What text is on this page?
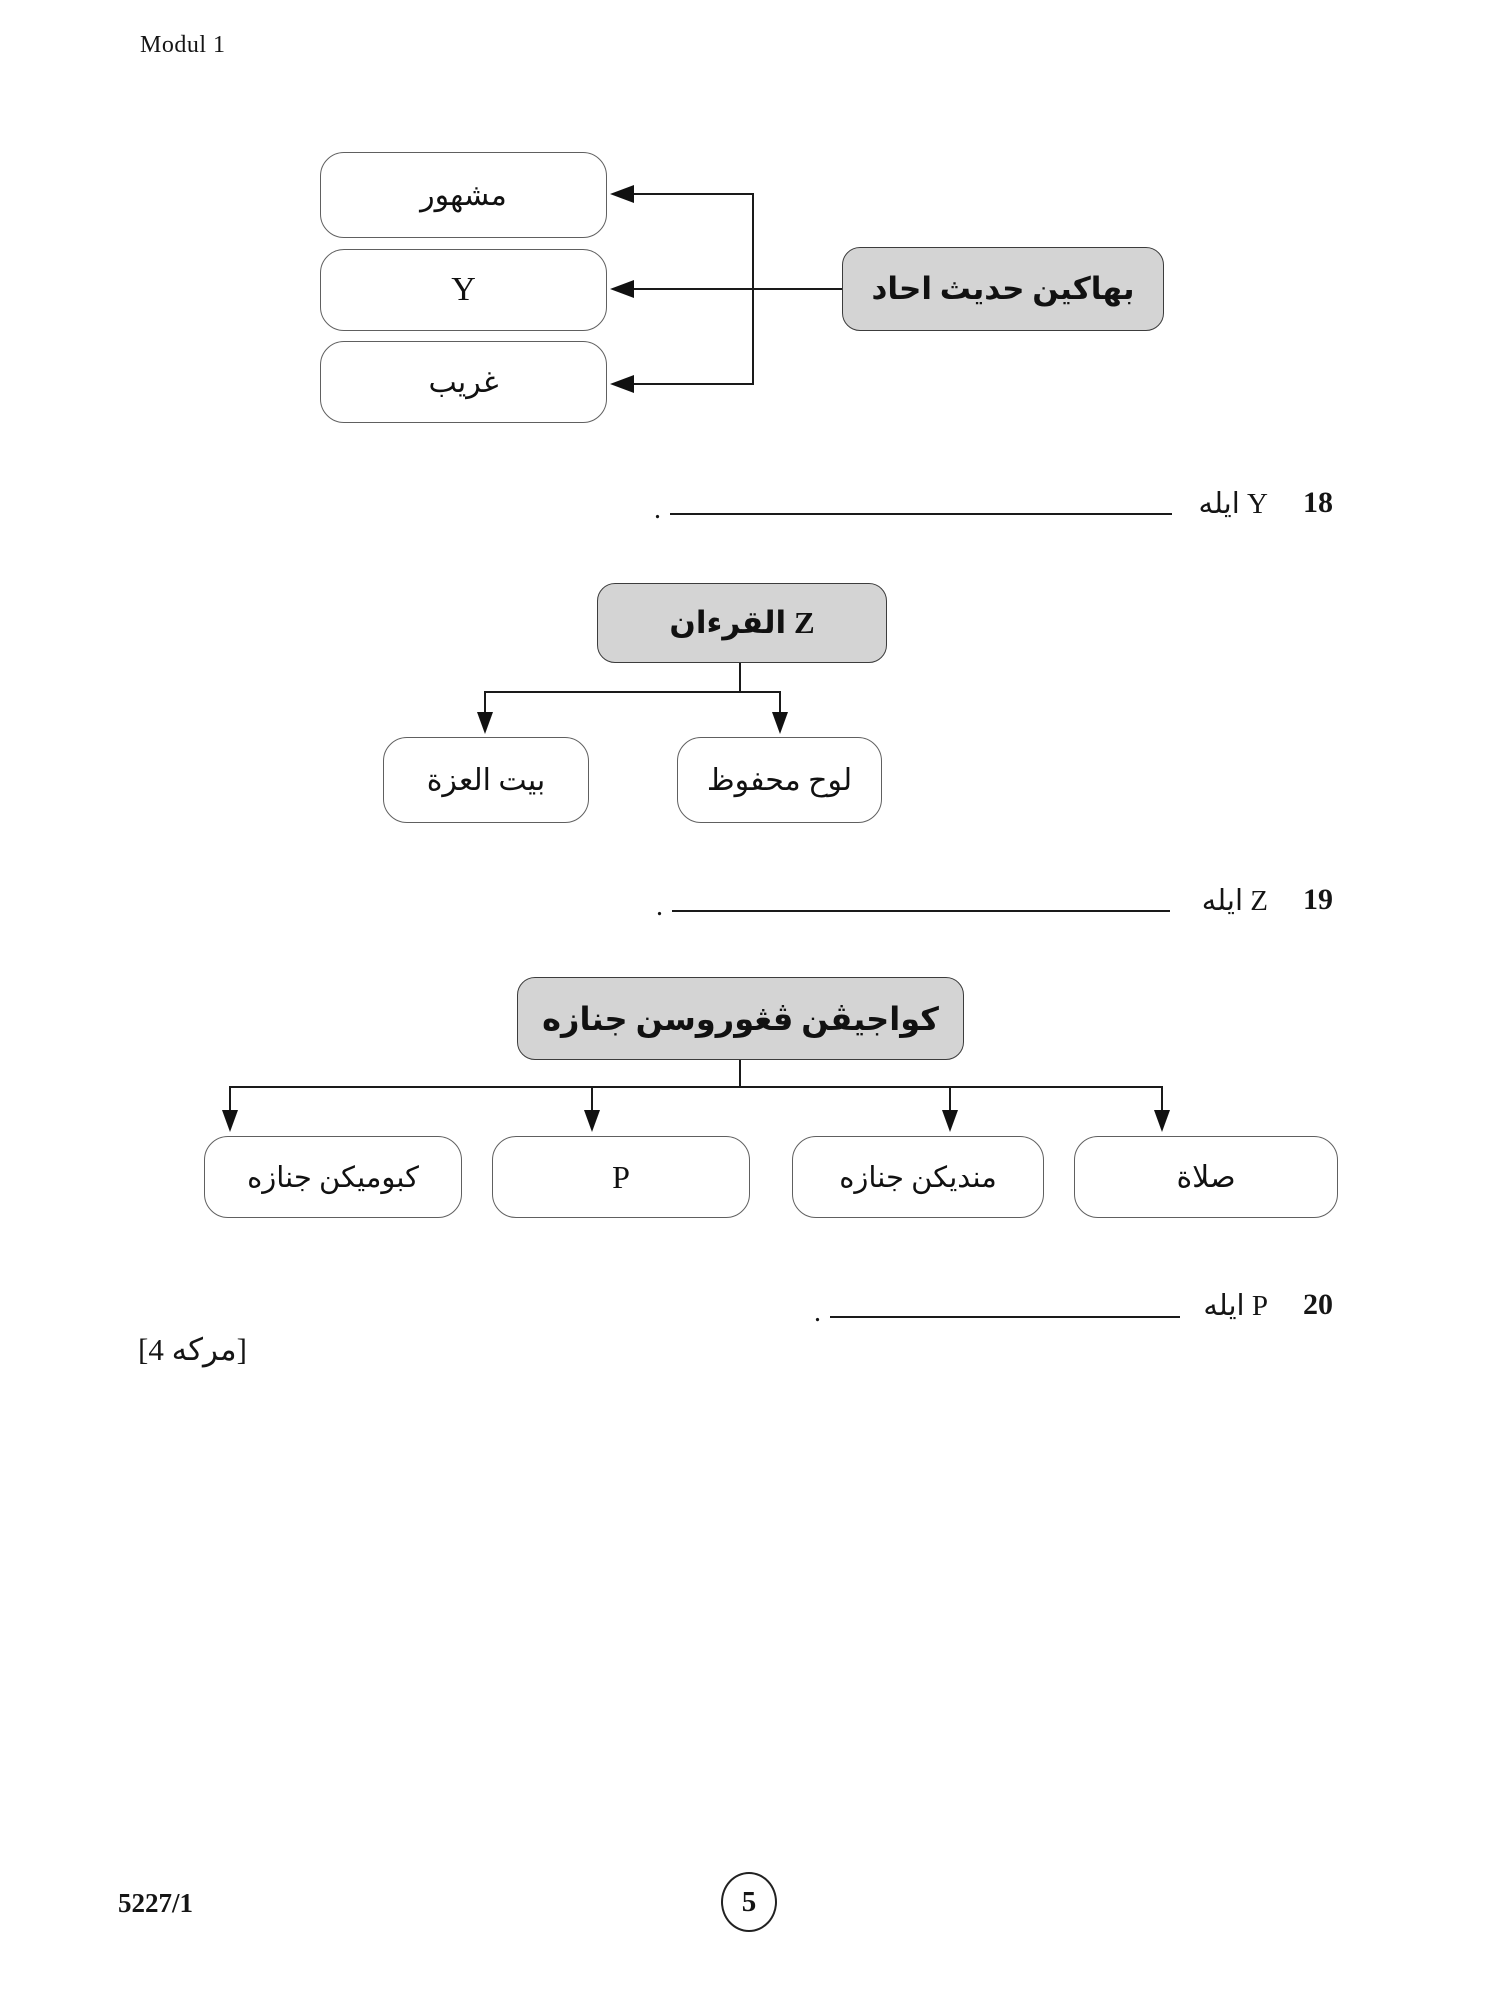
Modul 1
مشهور
Y
غريب
بهاكين حديث احاد
18
Y ايله
.
Z القرءان
بيت العزة	لوح محفوظ
19
Z ايله
.
كواجيڤن ڤڠوروسن جنازه
كبوميكن جنازه	P	منديكن جنازه	صلاة
20
P ايله
.
[4 مركه]
5227/1	5
